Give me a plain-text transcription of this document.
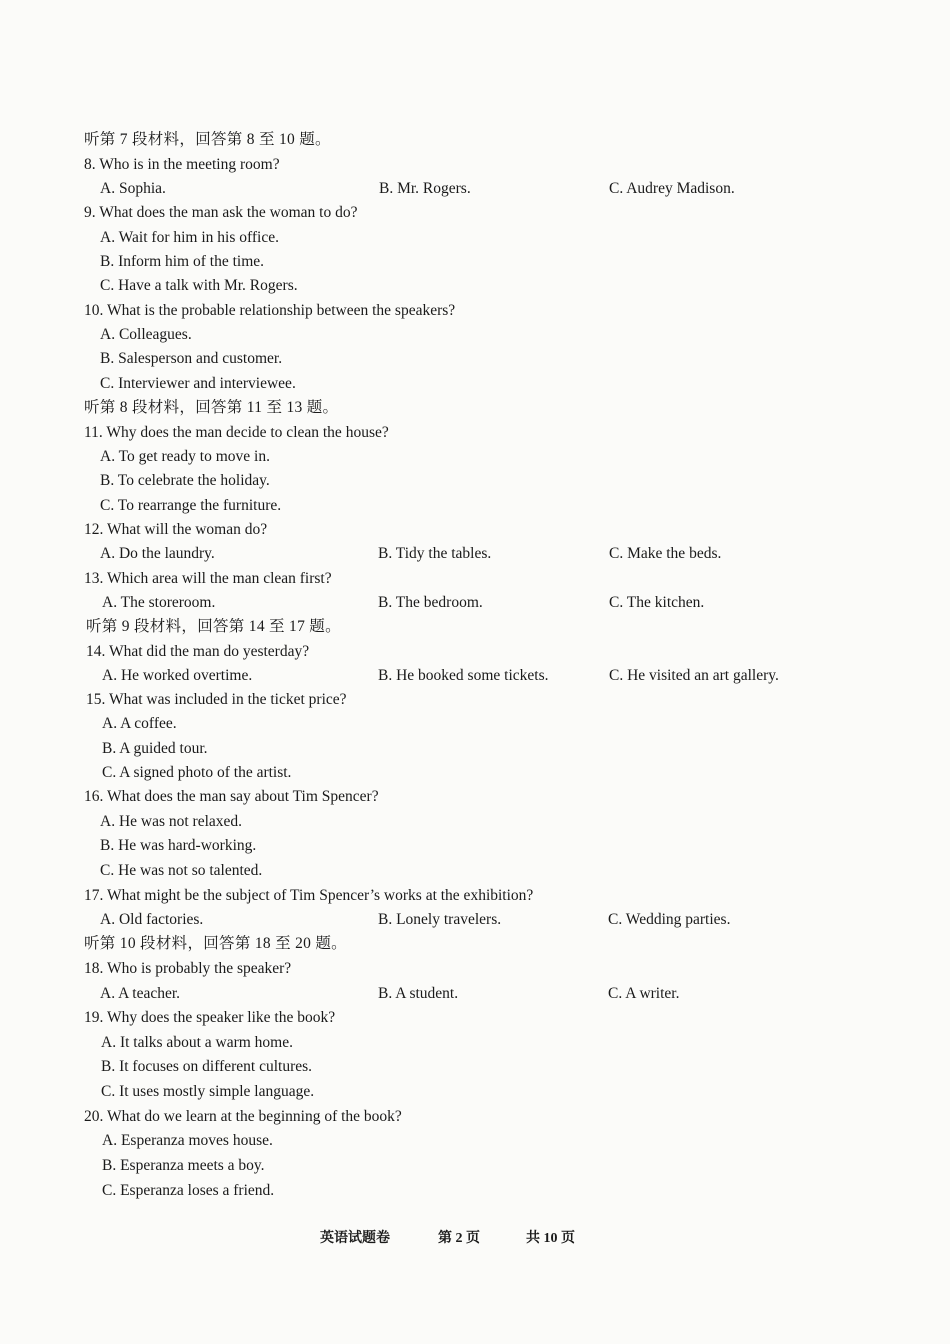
听第 7 段材料，回答第 8 至 10 题。
8. Who is in the meeting room?
A. Sophia.	B. Mr. Rogers.	C. Audrey Madison.
9. What does the man ask the woman to do?
A. Wait for him in his office.
B. Inform him of the time.
C. Have a talk with Mr. Rogers.
10. What is the probable relationship between the speakers?
A. Colleagues.
B. Salesperson and customer.
C. Interviewer and interviewee.
听第 8 段材料，回答第 11 至 13 题。
11. Why does the man decide to clean the house?
A. To get ready to move in.
B. To celebrate the holiday.
C. To rearrange the furniture.
12. What will the woman do?
A. Do the laundry.	B. Tidy the tables.	C. Make the beds.
13. Which area will the man clean first?
A. The storeroom.	B. The bedroom.	C. The kitchen.
听第 9 段材料，回答第 14 至 17 题。
14. What did the man do yesterday?
A. He worked overtime.	B. He booked some tickets.	C. He visited an art gallery.
15. What was included in the ticket price?
A. A coffee.
B. A guided tour.
C. A signed photo of the artist.
16. What does the man say about Tim Spencer?
A. He was not relaxed.
B. He was hard-working.
C. He was not so talented.
17. What might be the subject of Tim Spencer’s works at the exhibition?
A. Old factories.	B. Lonely travelers.	C. Wedding parties.
听第 10 段材料，回答第 18 至 20 题。
18. Who is probably the speaker?
A. A teacher.	B. A student.	C. A writer.
19. Why does the speaker like the book?
A. It talks about a warm home.
B. It focuses on different cultures.
C. It uses mostly simple language.
20. What do we learn at the beginning of the book?
A. Esperanza moves house.
B. Esperanza meets a boy.
C. Esperanza loses a friend.
英语试题卷	第 2 页	共 10 页
